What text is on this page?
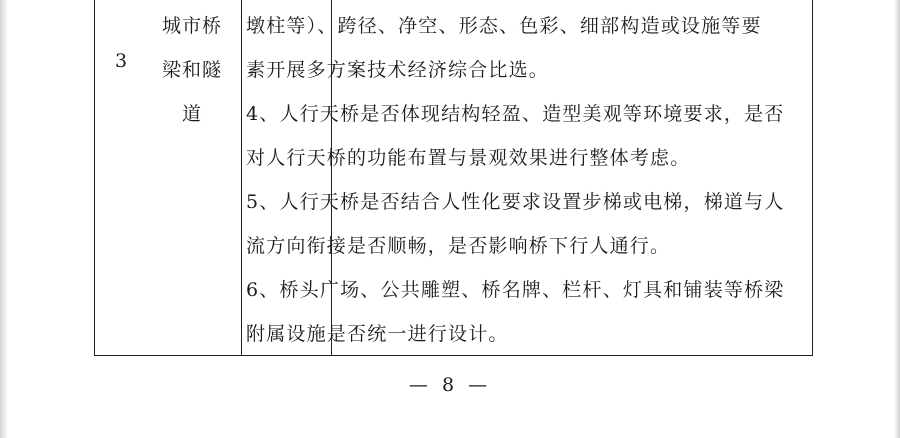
3
城市桥
梁和隧
道
墩柱等）、跨径、净空、形态、色彩、细部构造或设施等要
素开展多方案技术经济综合比选。
4、人行天桥是否体现结构轻盈、造型美观等环境要求，是否
对人行天桥的功能布置与景观效果进行整体考虑。
5、人行天桥是否结合人性化要求设置步梯或电梯，梯道与人
流方向衔接是否顺畅，是否影响桥下行人通行。
6、桥头广场、公共雕塑、桥名牌、栏杆、灯具和铺装等桥梁
附属设施是否统一进行设计。
— 8 —
